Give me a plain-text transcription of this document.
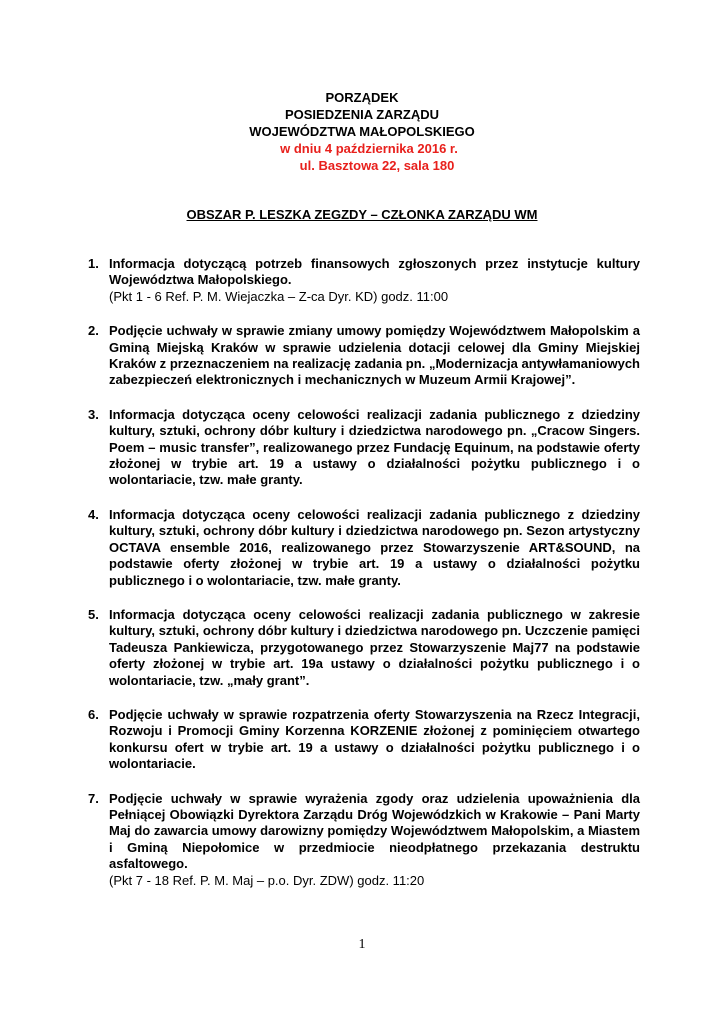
PORZĄDEK
POSIEDZENIA ZARZĄDU
WOJEWÓDZTWA MAŁOPOLSKIEGO
w dniu 4 października 2016 r.
ul. Basztowa 22, sala 180
OBSZAR P. LESZKA ZEGZDY – CZŁONKA ZARZĄDU WM
1. Informacja dotyczącą potrzeb finansowych zgłoszonych przez instytucje kultury Województwa Małopolskiego.
(Pkt 1 - 6 Ref. P. M. Wiejaczka – Z-ca Dyr. KD) godz. 11:00
2. Podjęcie uchwały w sprawie zmiany umowy pomiędzy Województwem Małopolskim a Gminą Miejską Kraków w sprawie udzielenia dotacji celowej dla Gminy Miejskiej Kraków z przeznaczeniem na realizację zadania pn. „Modernizacja antywłamaniowych zabezpieczeń elektronicznych i mechanicznych w Muzeum Armii Krajowej”.
3. Informacja dotycząca oceny celowości realizacji zadania publicznego z dziedziny kultury, sztuki, ochrony dóbr kultury i dziedzictwa narodowego pn. „Cracow Singers. Poem – music transfer”, realizowanego przez Fundację Equinum, na podstawie oferty złożonej w trybie art. 19 a ustawy o działalności pożytku publicznego i o wolontariacie, tzw. małe granty.
4. Informacja dotycząca oceny celowości realizacji zadania publicznego z dziedziny kultury, sztuki, ochrony dóbr kultury i dziedzictwa narodowego pn. Sezon artystyczny OCTAVA ensemble 2016, realizowanego przez Stowarzyszenie ART&SOUND, na podstawie oferty złożonej w trybie art. 19 a ustawy o działalności pożytku publicznego i o wolontariacie, tzw. małe granty.
5. Informacja dotycząca oceny celowości realizacji zadania publicznego w zakresie kultury, sztuki, ochrony dóbr kultury i dziedzictwa narodowego pn. Uczczenie pamięci Tadeusza Pankiewicza, przygotowanego przez Stowarzyszenie Maj77 na podstawie oferty złożonej w trybie art. 19a ustawy o działalności pożytku publicznego i o wolontariacie, tzw. „mały grant”.
6. Podjęcie uchwały w sprawie rozpatrzenia oferty Stowarzyszenia na Rzecz Integracji, Rozwoju i Promocji Gminy Korzenna KORZENIE złożonej z pominięciem otwartego konkursu ofert w trybie art. 19 a ustawy o działalności pożytku publicznego i o wolontariacie.
7. Podjęcie uchwały w sprawie wyrażenia zgody oraz udzielenia upoważnienia dla Pełniącej Obowiązki Dyrektora Zarządu Dróg Wojewódzkich w Krakowie – Pani Marty Maj do zawarcia umowy darowizny pomiędzy Województwem Małopolskim, a Miastem i Gminą Niepołomice w przedmiocie nieodpłatnego przekazania destruktu asfaltowego.
(Pkt 7 - 18 Ref. P. M. Maj – p.o. Dyr. ZDW) godz. 11:20
1
